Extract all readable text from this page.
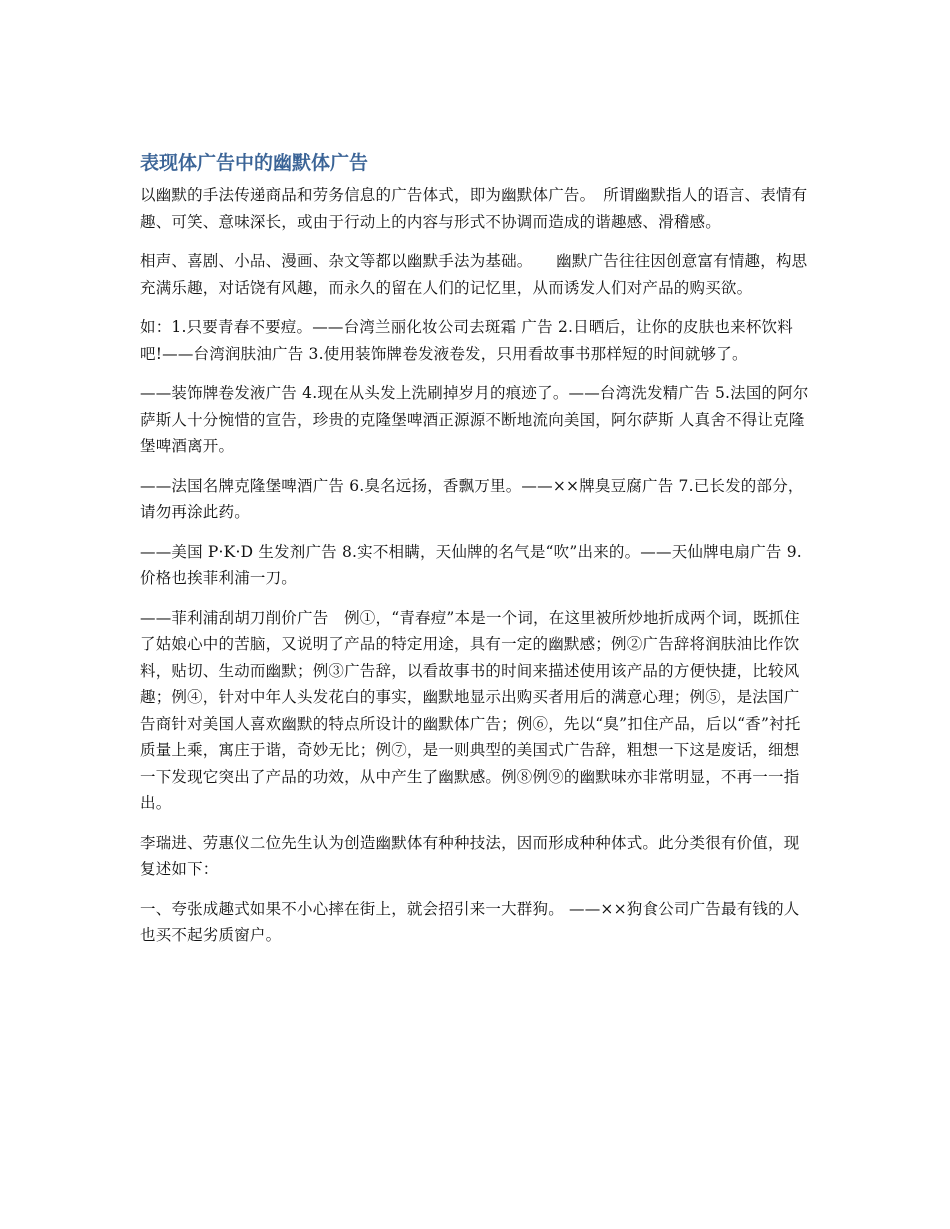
表现体广告中的幽默体广告

以幽默的手法传递商品和劳务信息的广告体式，即为幽默体广告。　所谓幽默指人的语言、表情有趣、可笑、意味深长，或由于行动上的内容与形式不协调而造成的谐趣感、滑稽感。

相声、喜剧、小品、漫画、杂文等都以幽默手法为基础。　　幽默广告往往因创意富有情趣，构思充满乐趣，对话饶有风趣，而永久的留在人们的记忆里，从而诱发人们对产品的购买欲。

如：1.只要青春不要痘。——台湾兰丽化妆公司去斑霜 广告 2.日晒后，让你的皮肤也来杯饮料吧!——台湾润肤油广告 3.使用装饰牌卷发液卷发，只用看故事书那样短的时间就够了。

——装饰牌卷发液广告 4.现在从头发上洗刷掉岁月的痕迹了。——台湾洗发精广告 5.法国的阿尔萨斯人十分惋惜的宣告，珍贵的克隆堡啤酒正源源不断地流向美国，阿尔萨斯 人真舍不得让克隆堡啤酒离开。

——法国名牌克隆堡啤酒广告 6.臭名远扬，香飘万里。——××牌臭豆腐广告 7.已长发的部分，请勿再涂此药。

——美国 P·K·D 生发剂广告 8.实不相瞒，天仙牌的名气是“吹”出来的。——天仙牌电扇广告 9.价格也挨菲利浦一刀。

——菲利浦刮胡刀削价广告　例①，“青春痘”本是一个词，在这里被所炒地折成两个词，既抓住了姑娘心中的苦脑，又说明了产品的特定用途，具有一定的幽默感；例②广告辞将润肤油比作饮料，贴切、生动而幽默；例③广告辞，以看故事书的时间来描述使用该产品的方便快捷，比较风趣；例④，针对中年人头发花白的事实，幽默地显示出购买者用后的满意心理；例⑤，是法国广告商针对美国人喜欢幽默的特点所设计的幽默体广告；例⑥，先以“臭”扣住产品，后以“香”衬托质量上乘，寓庄于谐，奇妙无比；例⑦，是一则典型的美国式广告辞，粗想一下这是废话，细想一下发现它突出了产品的功效，从中产生了幽默感。例⑧例⑨的幽默味亦非常明显，不再一一指出。

李瑞进、劳惠仪二位先生认为创造幽默体有种种技法，因而形成种种体式。此分类很有价值，现复述如下：

一、夸张成趣式如果不小心摔在街上，就会招引来一大群狗。 ——××狗食公司广告最有钱的人也买不起劣质窗户。
